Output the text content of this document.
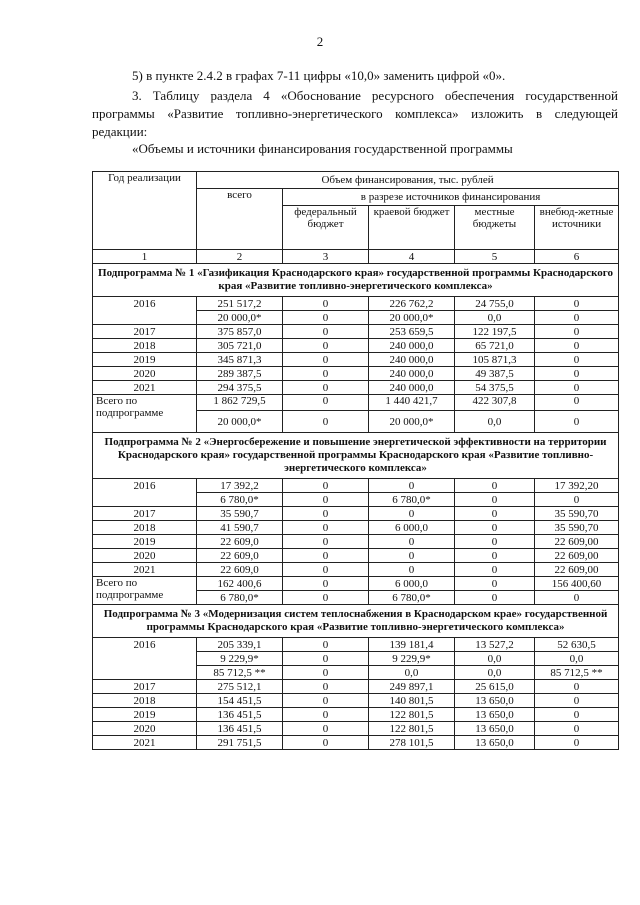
2
5) в пункте 2.4.2 в графах 7-11 цифры «10,0» заменить цифрой «0».
3. Таблицу раздела 4 «Обоснование ресурсного обеспечения государственной программы «Развитие топливно-энергетического комплекса» изложить в следующей редакции:
«Объемы и источники финансирования государственной программы
Год реализации	Объем финансирования, тыс. рублей				
	всего	в разрезе источников финансирования			
		федеральный бюджет	краевой бюджет	местные бюджеты	внебюд-жетные источники
1	2	3	4	5	6
Подпрограмма № 1 «Газификация Краснодарского края» государственной программы Краснодарского края «Развитие топливно-энергетического комплекса»					
2016	251 517,2	0	226 762,2	24 755,0	0
	20 000,0*	0	20 000,0*	0,0	0
2017	375 857,0	0	253 659,5	122 197,5	0
2018	305 721,0	0	240 000,0	65 721,0	0
2019	345 871,3	0	240 000,0	105 871,3	0
2020	289 387,5	0	240 000,0	49 387,5	0
2021	294 375,5	0	240 000,0	54 375,5	0
Всего по подпрограмме	1 862 729,5	0	1 440 421,7	422 307,8	0
	20 000,0*	0	20 000,0*	0,0	0
Подпрограмма № 2 «Энергосбережение и повышение энергетической эффективности на территории Краснодарского края» государственной программы Краснодарского края «Развитие топливно-энергетического комплекса»					
2016	17 392,2	0	0	0	17 392,20
	6 780,0*	0	6 780,0*	0	0
2017	35 590,7	0	0	0	35 590,70
2018	41 590,7	0	6 000,0	0	35 590,70
2019	22 609,0	0	0	0	22 609,00
2020	22 609,0	0	0	0	22 609,00
2021	22 609,0	0	0	0	22 609,00
Всего по подпрограмме	162 400,6	0	6 000,0	0	156 400,60
	6 780,0*	0	6 780,0*	0	0
Подпрограмма № 3 «Модернизация систем теплоснабжения в Краснодарском крае» государственной программы Краснодарского края «Развитие топливно-энергетического комплекса»					
2016	205 339,1	0	139 181,4	13 527,2	52 630,5
	9 229,9*	0	9 229,9*	0,0	0,0
	85 712,5 **	0	0,0	0,0	85 712,5 **
2017	275 512,1	0	249 897,1	25 615,0	0
2018	154 451,5	0	140 801,5	13 650,0	0
2019	136 451,5	0	122 801,5	13 650,0	0
2020	136 451,5	0	122 801,5	13 650,0	0
2021	291 751,5	0	278 101,5	13 650,0	0
